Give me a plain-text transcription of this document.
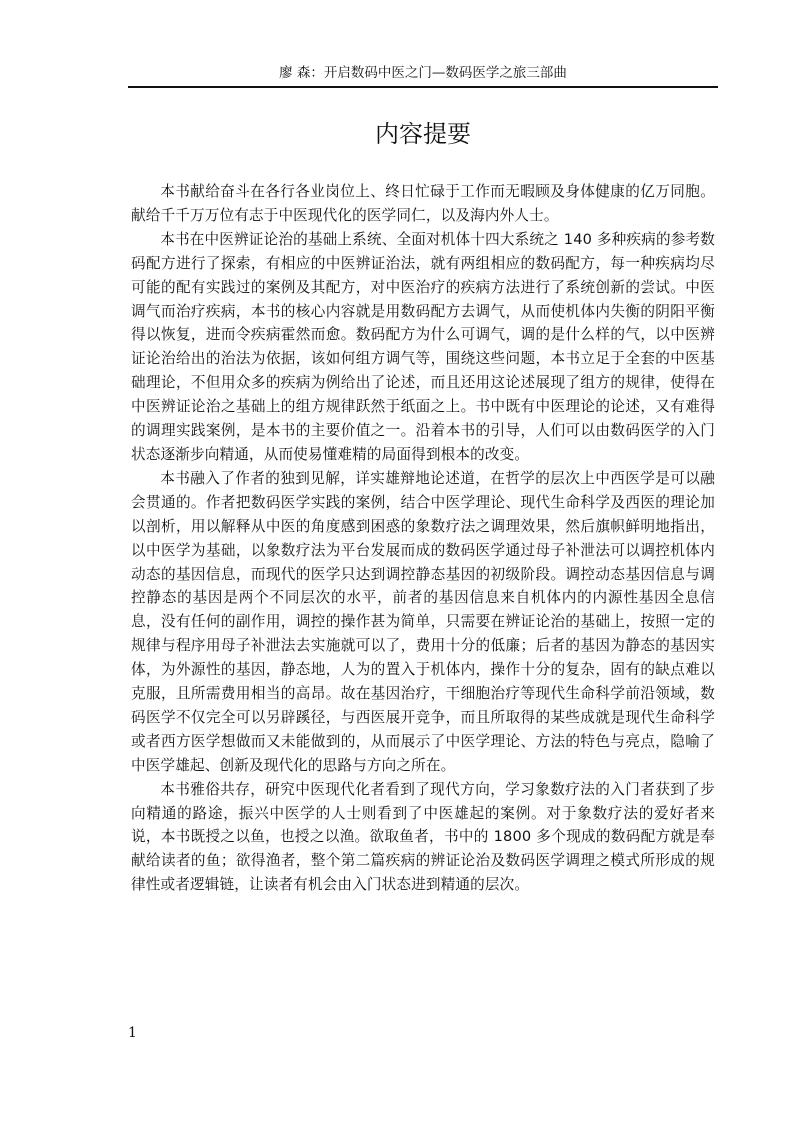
廖 森：开启数码中医之门—数码医学之旅三部曲
内容提要

本书献给奋斗在各行各业岗位上、终日忙碌于工作而无暇顾及身体健康的亿万同胞。献给千千万万位有志于中医现代化的医学同仁，以及海内外人士。

本书在中医辨证论治的基础上系统、全面对机体十四大系统之 140 多种疾病的参考数码配方进行了探索，有相应的中医辨证治法，就有两组相应的数码配方，每一种疾病均尽可能的配有实践过的案例及其配方，对中医治疗的疾病方法进行了系统创新的尝试。中医调气而治疗疾病，本书的核心内容就是用数码配方去调气，从而使机体内失衡的阴阳平衡得以恢复，进而令疾病霍然而愈。数码配方为什么可调气，调的是什么样的气，以中医辨证论治给出的治法为依据，该如何组方调气等，围绕这些问题，本书立足于全套的中医基础理论，不但用众多的疾病为例给出了论述，而且还用这论述展现了组方的规律，使得在中医辨证论治之基础上的组方规律跃然于纸面之上。书中既有中医理论的论述，又有难得的调理实践案例，是本书的主要价值之一。沿着本书的引导，人们可以由数码医学的入门状态逐渐步向精通，从而使易懂难精的局面得到根本的改变。

本书融入了作者的独到见解，详实雄辩地论述道，在哲学的层次上中西医学是可以融会贯通的。作者把数码医学实践的案例，结合中医学理论、现代生命科学及西医的理论加以剖析，用以解释从中医的角度感到困惑的象数疗法之调理效果，然后旗帜鲜明地指出，以中医学为基础，以象数疗法为平台发展而成的数码医学通过母子补泄法可以调控机体内动态的基因信息，而现代的医学只达到调控静态基因的初级阶段。调控动态基因信息与调控静态的基因是两个不同层次的水平，前者的基因信息来自机体内的内源性基因全息信息，没有任何的副作用，调控的操作甚为简单，只需要在辨证论治的基础上，按照一定的规律与程序用母子补泄法去实施就可以了，费用十分的低廉；后者的基因为静态的基因实体，为外源性的基因，静态地，人为的置入于机体内，操作十分的复杂，固有的缺点难以克服，且所需费用相当的高昂。故在基因治疗，干细胞治疗等现代生命科学前沿领域，数码医学不仅完全可以另辟蹊径，与西医展开竞争，而且所取得的某些成就是现代生命科学或者西方医学想做而又未能做到的，从而展示了中医学理论、方法的特色与亮点，隐喻了中医学雄起、创新及现代化的思路与方向之所在。

本书雅俗共存，研究中医现代化者看到了现代方向，学习象数疗法的入门者获到了步向精通的路途，振兴中医学的人士则看到了中医雄起的案例。对于象数疗法的爱好者来说，本书既授之以鱼，也授之以渔。欲取鱼者，书中的 1800 多个现成的数码配方就是奉献给读者的鱼；欲得渔者，整个第二篇疾病的辨证论治及数码医学调理之模式所形成的规律性或者逻辑链，让读者有机会由入门状态进到精通的层次。

1
